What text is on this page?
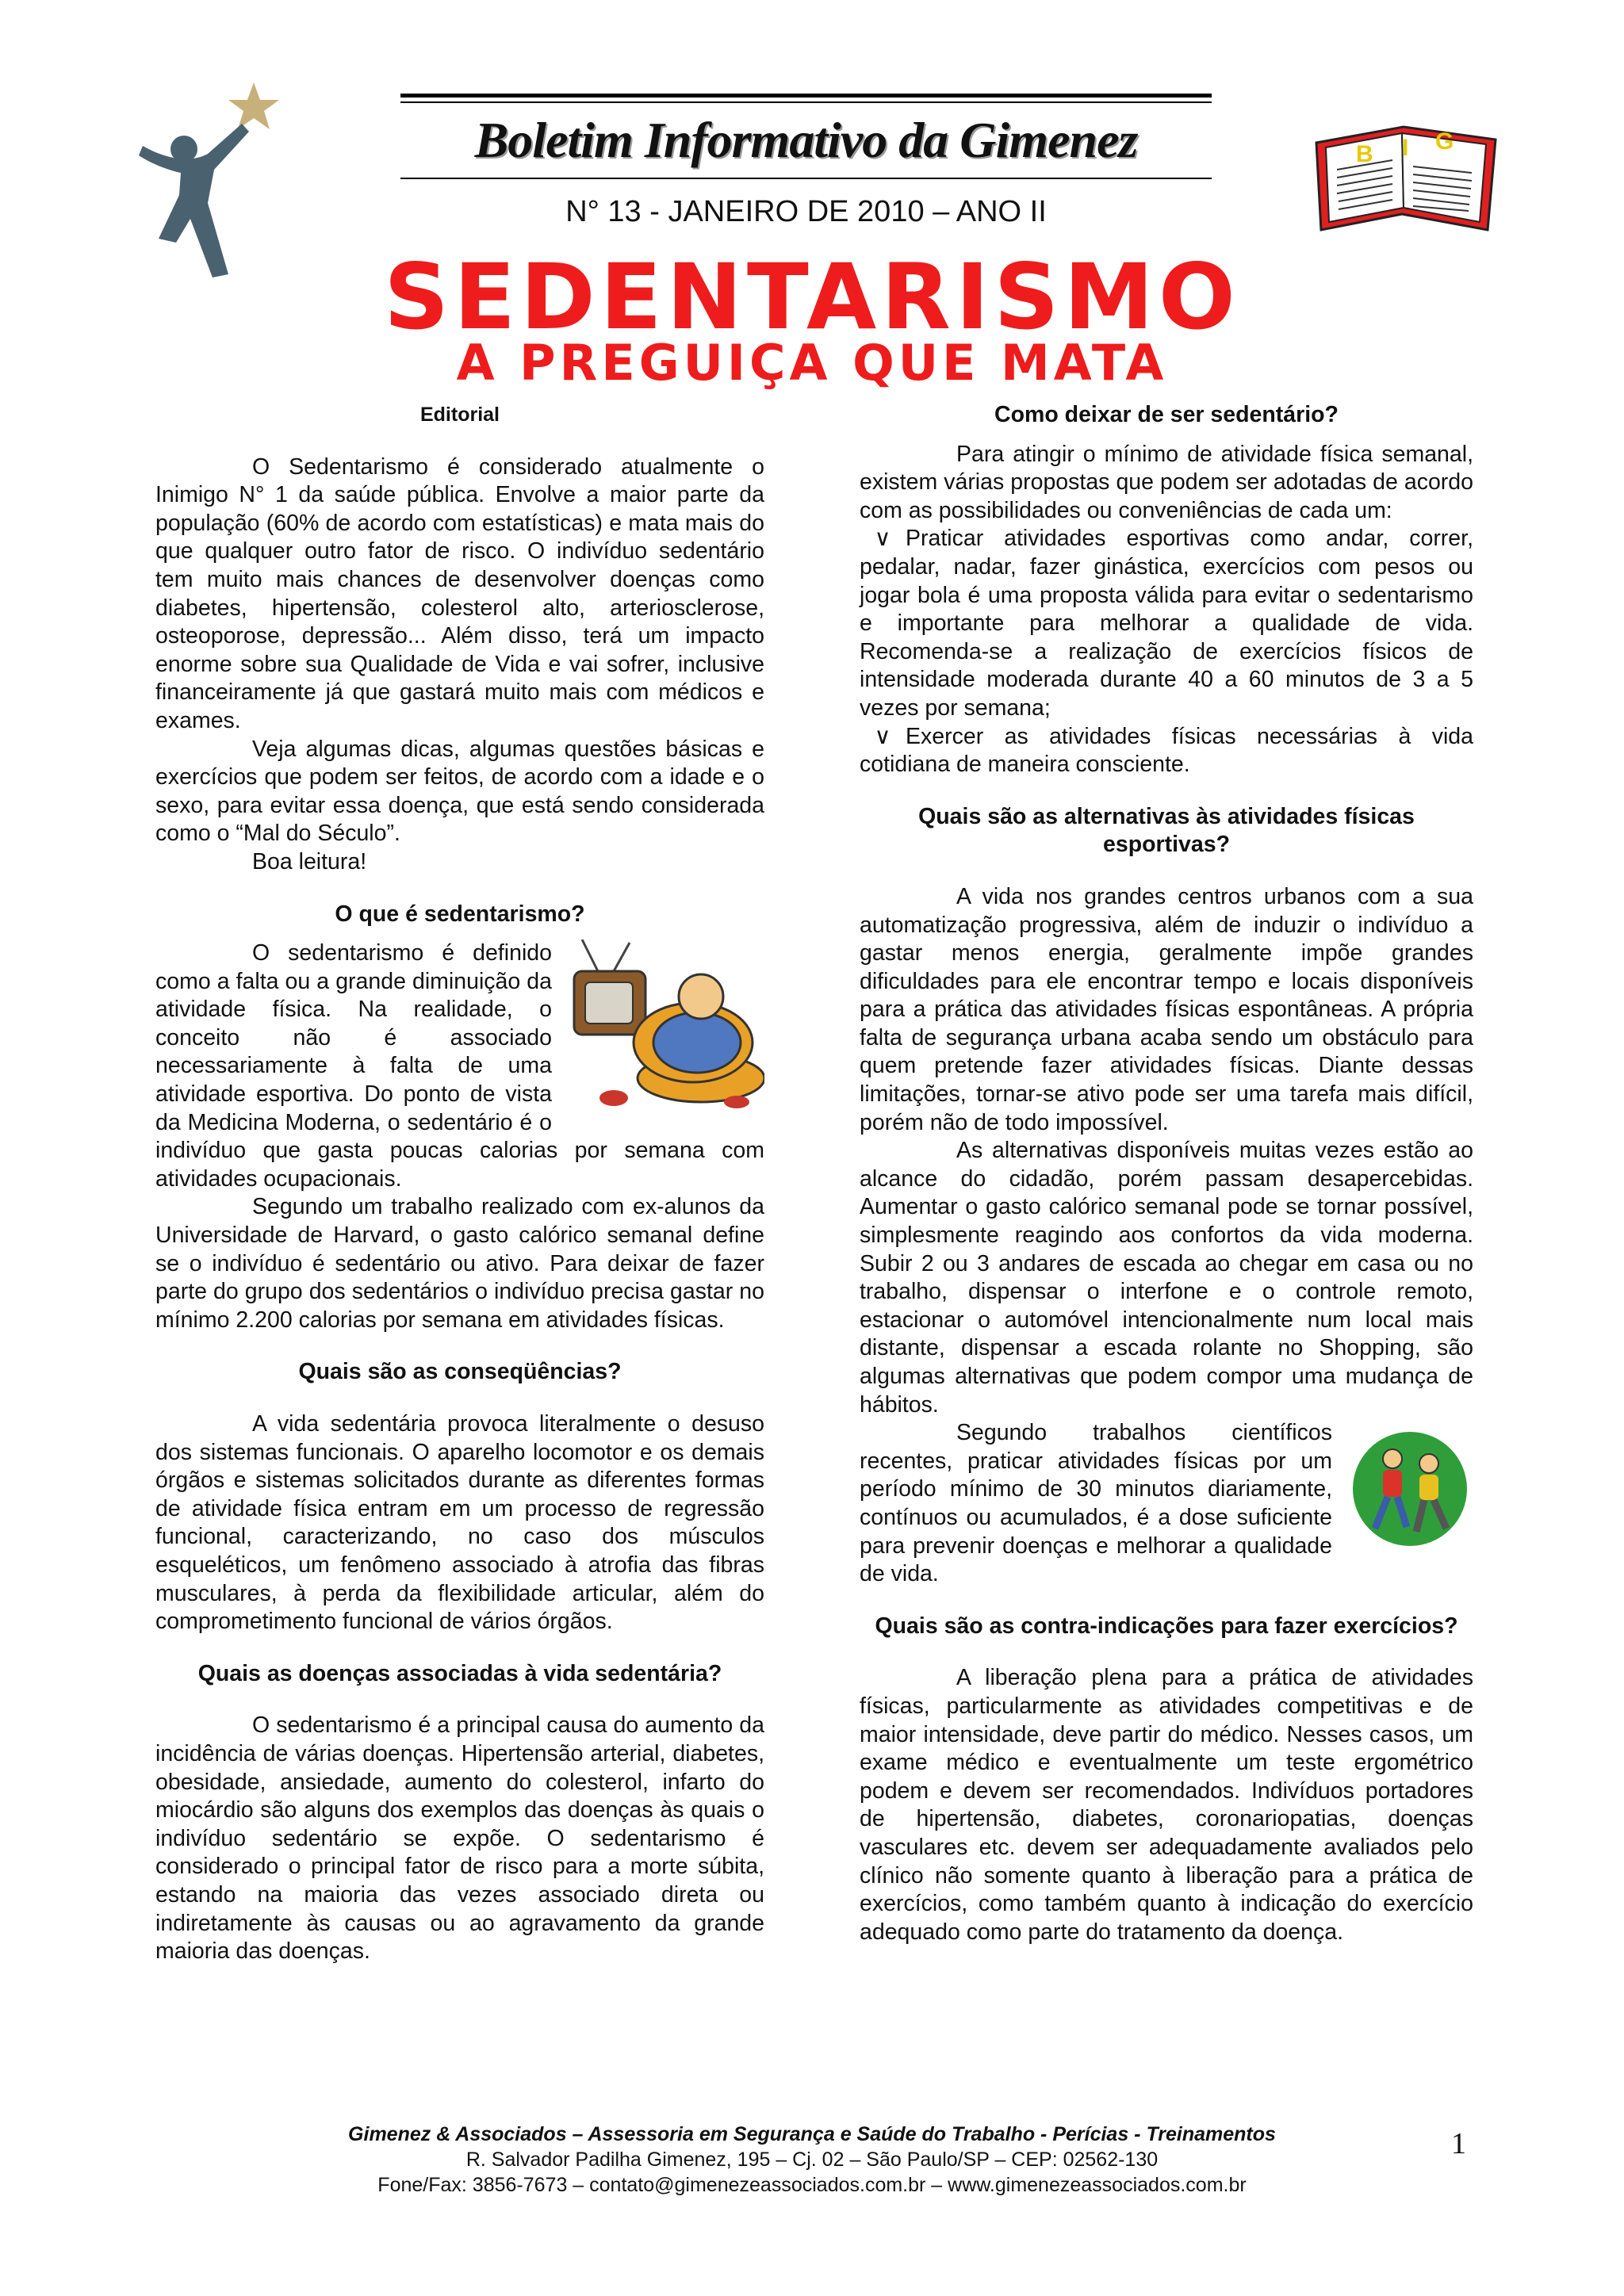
Boletim Informativo da Gimenez
N° 13 - JANEIRO DE 2010 – ANO II
B I G
SEDENTARISMO
A PREGUIÇA QUE MATA
Editorial

O Sedentarismo é considerado atualmente o Inimigo N° 1 da saúde pública. Envolve a maior parte da população (60% de acordo com estatísticas) e mata mais do que qualquer outro fator de risco. O indivíduo sedentário tem muito mais chances de desenvolver doenças como diabetes, hipertensão, colesterol alto, arteriosclerose, osteoporose, depressão... Além disso, terá um impacto enorme sobre sua Qualidade de Vida e vai sofrer, inclusive financeiramente já que gastará muito mais com médicos e exames.

Veja algumas dicas, algumas questões básicas e exercícios que podem ser feitos, de acordo com a idade e o sexo, para evitar essa doença, que está sendo considerada como o “Mal do Século”.

Boa leitura!

O que é sedentarismo?

O sedentarismo é definido como a falta ou a grande diminuição da atividade física. Na realidade, o conceito não é associado necessariamente à falta de uma atividade esportiva. Do ponto de vista da Medicina Moderna, o sedentário é o indivíduo que gasta poucas calorias por semana com atividades ocupacionais.

Segundo um trabalho realizado com ex-alunos da Universidade de Harvard, o gasto calórico semanal define se o indivíduo é sedentário ou ativo. Para deixar de fazer parte do grupo dos sedentários o indivíduo precisa gastar no mínimo 2.200 calorias por semana em atividades físicas.

Quais são as conseqüências?

A vida sedentária provoca literalmente o desuso dos sistemas funcionais. O aparelho locomotor e os demais órgãos e sistemas solicitados durante as diferentes formas de atividade física entram em um processo de regressão funcional, caracterizando, no caso dos músculos esqueléticos, um fenômeno associado à atrofia das fibras musculares, à perda da flexibilidade articular, além do comprometimento funcional de vários órgãos.

Quais as doenças associadas à vida sedentária?

O sedentarismo é a principal causa do aumento da incidência de várias doenças. Hipertensão arterial, diabetes, obesidade, ansiedade, aumento do colesterol, infarto do miocárdio são alguns dos exemplos das doenças às quais o indivíduo sedentário se expõe. O sedentarismo é considerado o principal fator de risco para a morte súbita, estando na maioria das vezes associado direta ou indiretamente às causas ou ao agravamento da grande maioria das doenças.

Como deixar de ser sedentário?

Para atingir o mínimo de atividade física semanal, existem várias propostas que podem ser adotadas de acordo com as possibilidades ou conveniências de cada um:

∨ Praticar atividades esportivas como andar, correr, pedalar, nadar, fazer ginástica, exercícios com pesos ou jogar bola é uma proposta válida para evitar o sedentarismo e importante para melhorar a qualidade de vida. Recomenda-se a realização de exercícios físicos de intensidade moderada durante 40 a 60 minutos de 3 a 5 vezes por semana;

∨ Exercer as atividades físicas necessárias à vida cotidiana de maneira consciente.

Quais são as alternativas às atividades físicas esportivas?

A vida nos grandes centros urbanos com a sua automatização progressiva, além de induzir o indivíduo a gastar menos energia, geralmente impõe grandes dificuldades para ele encontrar tempo e locais disponíveis para a prática das atividades físicas espontâneas. A própria falta de segurança urbana acaba sendo um obstáculo para quem pretende fazer atividades físicas. Diante dessas limitações, tornar-se ativo pode ser uma tarefa mais difícil, porém não de todo impossível.

As alternativas disponíveis muitas vezes estão ao alcance do cidadão, porém passam desapercebidas. Aumentar o gasto calórico semanal pode se tornar possível, simplesmente reagindo aos confortos da vida moderna. Subir 2 ou 3 andares de escada ao chegar em casa ou no trabalho, dispensar o interfone e o controle remoto, estacionar o automóvel intencionalmente num local mais distante, dispensar a escada rolante no Shopping, são algumas alternativas que podem compor uma mudança de hábitos.

Segundo trabalhos científicos recentes, praticar atividades físicas por um período mínimo de 30 minutos diariamente, contínuos ou acumulados, é a dose suficiente para prevenir doenças e melhorar a qualidade de vida.

Quais são as contra-indicações para fazer exercícios?

A liberação plena para a prática de atividades físicas, particularmente as atividades competitivas e de maior intensidade, deve partir do médico. Nesses casos, um exame médico e eventualmente um teste ergométrico podem e devem ser recomendados. Indivíduos portadores de hipertensão, diabetes, coronariopatias, doenças vasculares etc. devem ser adequadamente avaliados pelo clínico não somente quanto à liberação para a prática de exercícios, como também quanto à indicação do exercício adequado como parte do tratamento da doença.

Gimenez & Associados – Assessoria em Segurança e Saúde do Trabalho - Perícias - Treinamentos
R. Salvador Padilha Gimenez, 195 – Cj. 02 – São Paulo/SP – CEP: 02562-130
Fone/Fax: 3856-7673 – contato@gimenezeassociados.com.br – www.gimenezeassociados.com.br
1
